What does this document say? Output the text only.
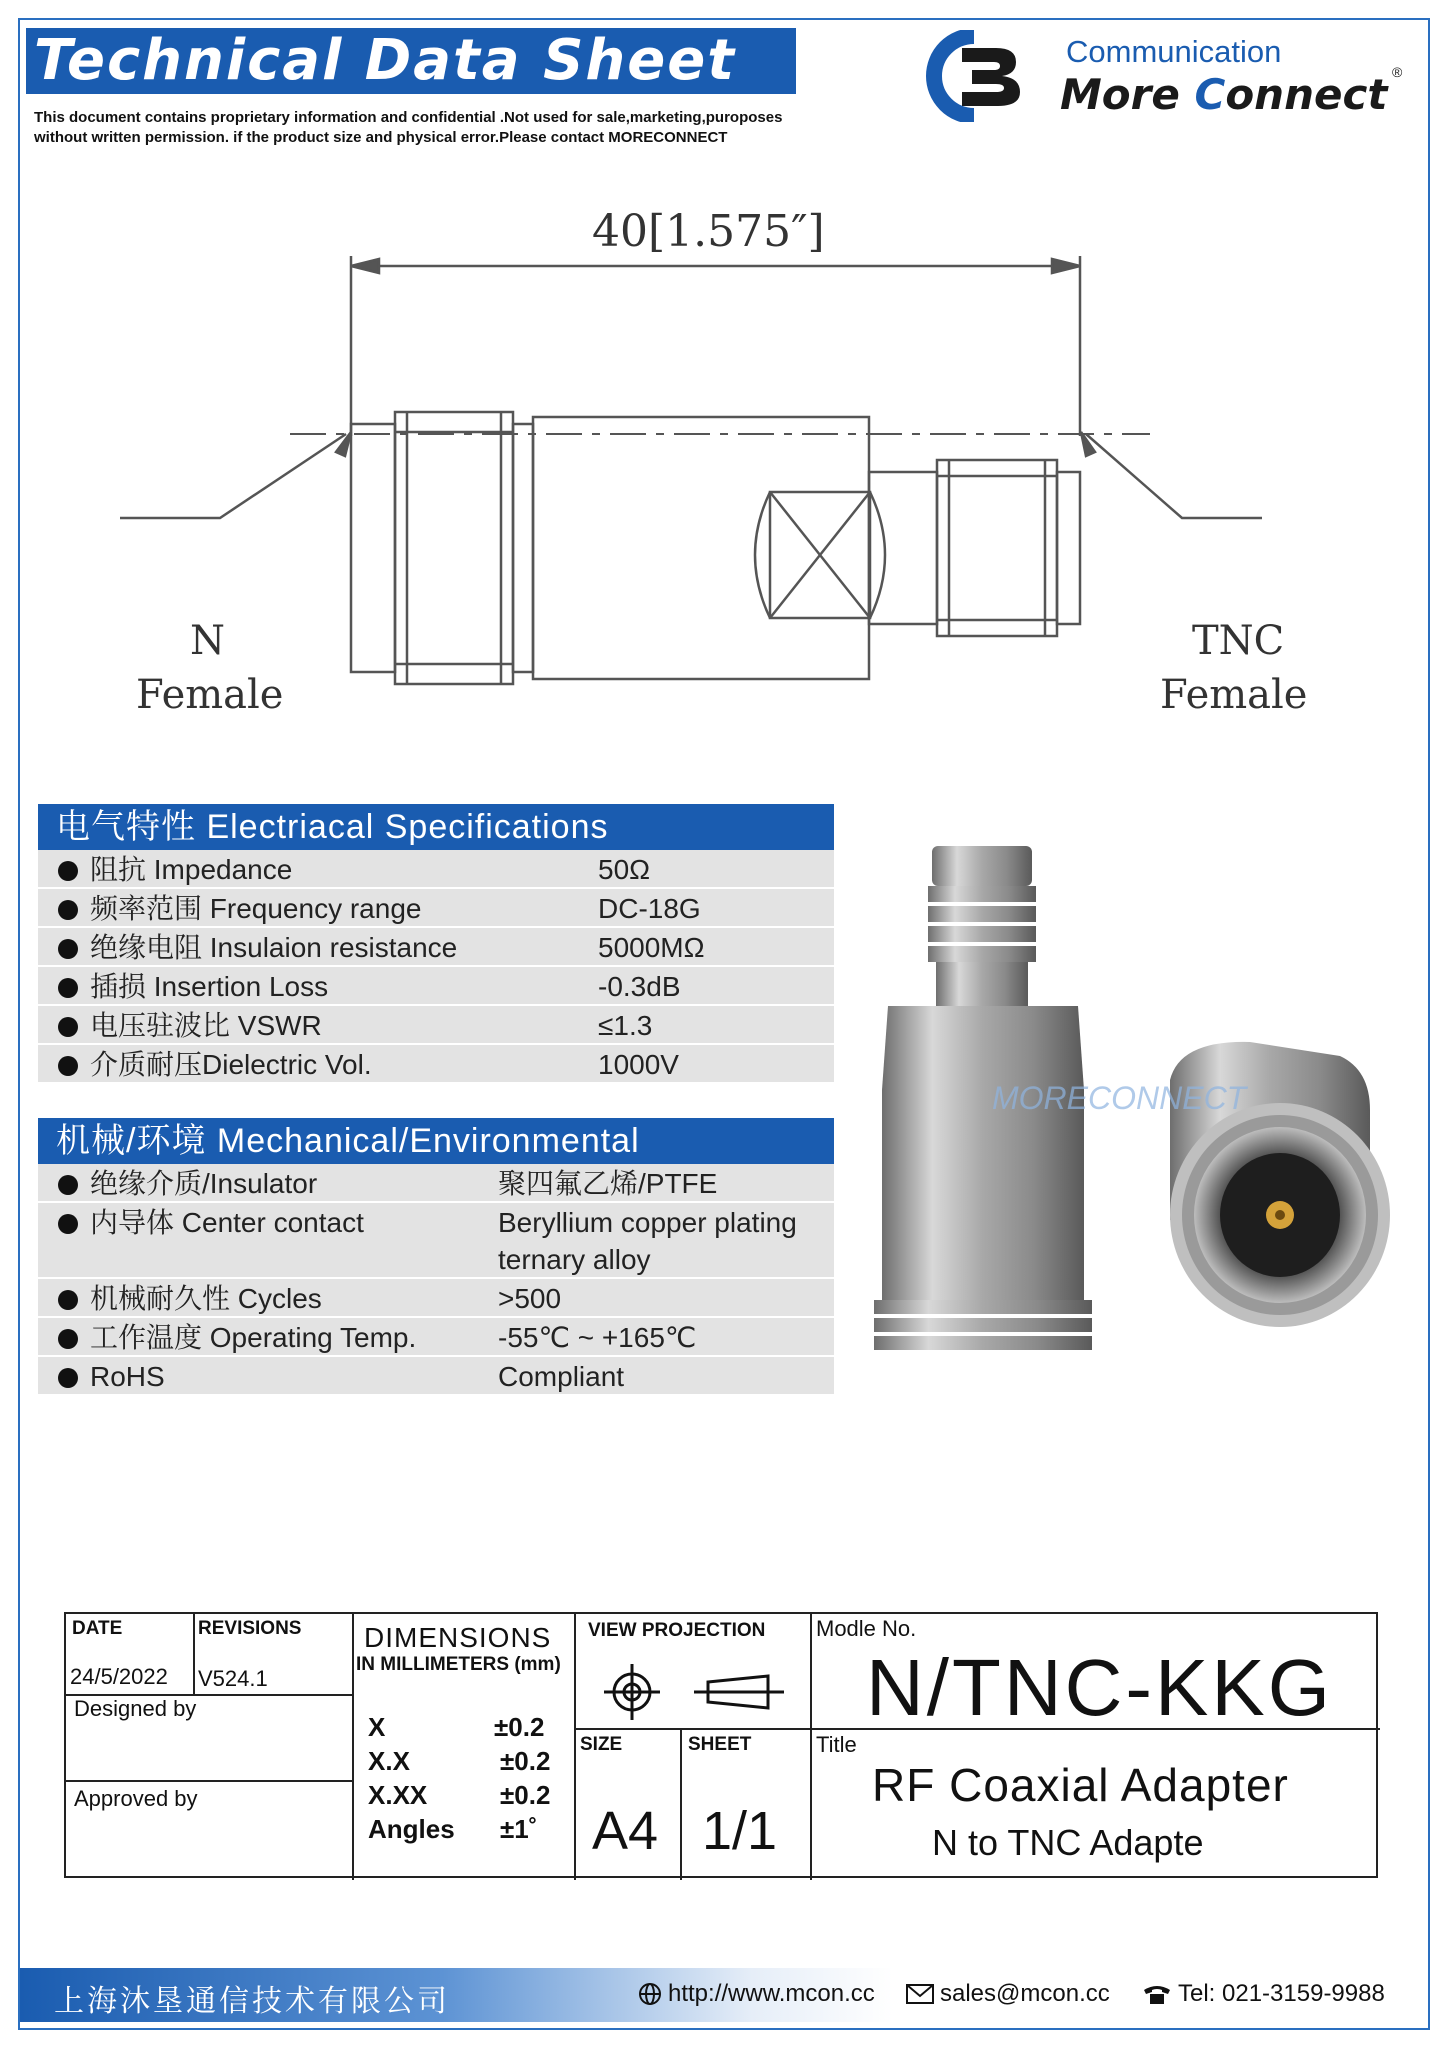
Technical Data Sheet
This document contains proprietary information and confidential .Not used for sale,marketing,puroposes
without written permission. if the product size and physical error.Please contact MORECONNECT
Communication
More Connect ®
40[1.575″]
N
Female
TNC
Female
电气特性 Electriacal Specifications
阻抗 Impedance	50Ω
频率范围 Frequency range	DC-18G
绝缘电阻 Insulaion resistance	5000MΩ
插损 Insertion Loss	-0.3dB
电压驻波比 VSWR	≤1.3
介质耐压Dielectric Vol.	1000V
机械/环境 Mechanical/Environmental
绝缘介质/Insulator	聚四氟乙烯/PTFE
内导体 Center contact	Beryllium copper plating
ternary alloy
机械耐久性 Cycles	>500
工作温度 Operating Temp.	-55℃ ~ +165℃
RoHS	Compliant
MORECONNECT
DATE
24/5/2022
REVISIONS
V524.1
Designed by
Approved by
DIMENSIONS
IN MILLIMETERS (mm)
X	±0.2
X.X	±0.2
X.XX	±0.2
Angles ±1˚
VIEW PROJECTION
SIZE
A4
SHEET
1/1
Modle No.
N/TNC-KKG
Title
RF Coaxial Adapter
N to TNC Adapte
上海沐垦通信技术有限公司	http://www.mcon.cc	sales@mcon.cc	Tel: 021-3159-9988
